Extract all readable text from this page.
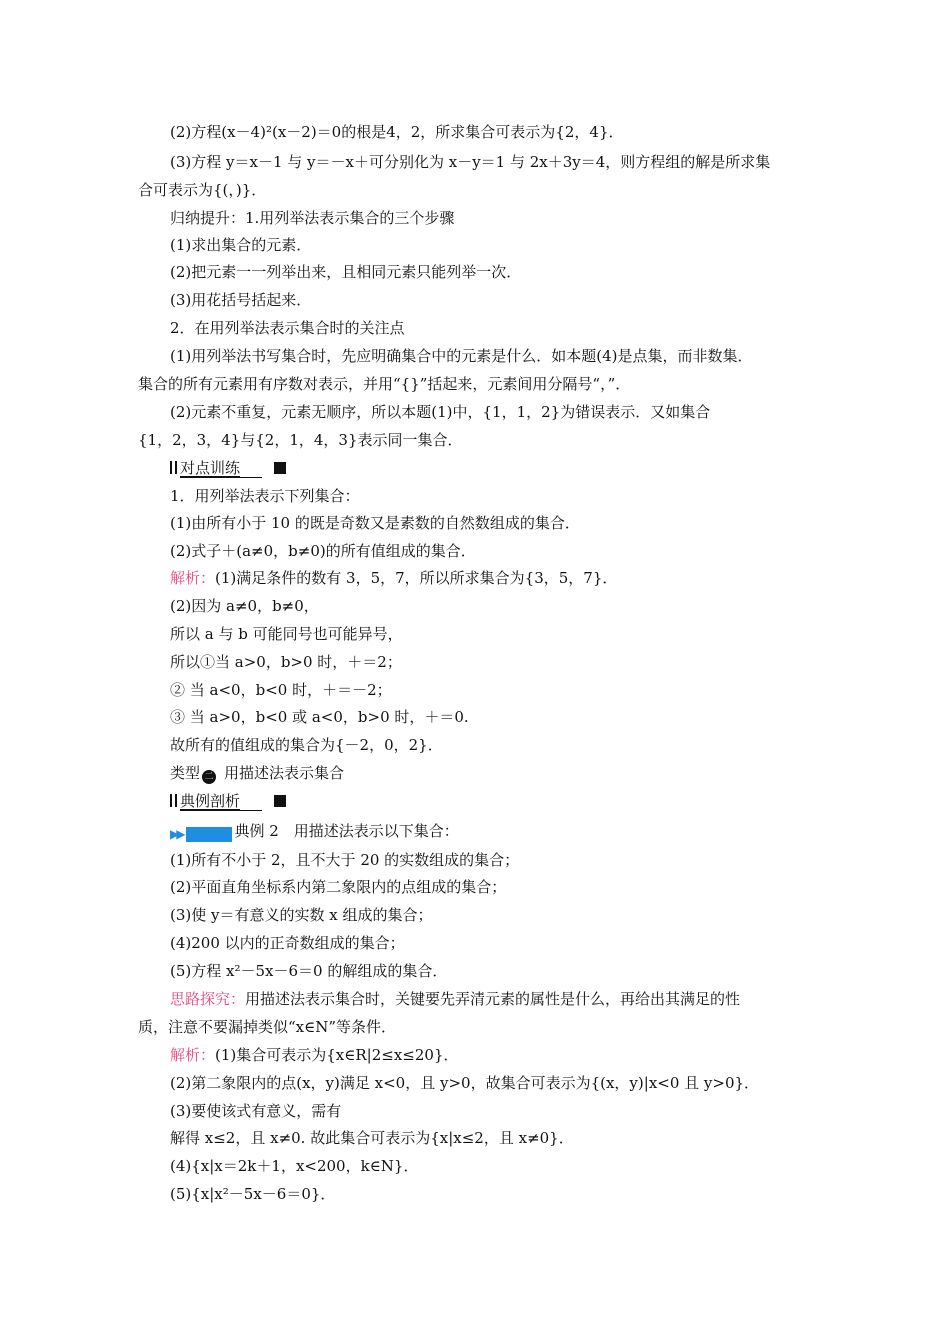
(2)方程(x－4)²(x－2)＝0的根是4，2，所求集合可表示为{2，4}．
(3)方程 y＝x－1 与 y＝－x＋可分别化为 x－y＝1 与 2x＋3y＝4，则方程组的解是所求集
合可表示为{(，)}．
归纳提升：1.用列举法表示集合的三个步骤
(1)求出集合的元素．
(2)把元素一一列举出来，且相同元素只能列举一次．
(3)用花括号括起来．
2．在用列举法表示集合时的关注点
(1)用列举法书写集合时，先应明确集合中的元素是什么．如本题(4)是点集，而非数集．
集合的所有元素用有序数对表示，并用“{}”括起来，元素间用分隔号“，”．
(2)元素不重复，元素无顺序，所以本题(1)中，{1，1，2}为错误表示．又如集合
{1，2，3，4}与{2，1，4，3}表示同一集合．
对点训练
1．用列举法表示下列集合：
(1)由所有小于 10 的既是奇数又是素数的自然数组成的集合．
(2)式子＋(a≠0，b≠0)的所有值组成的集合．
解析：(1)满足条件的数有 3，5，7，所以所求集合为{3，5，7}．
(2)因为 a≠0，b≠0，
所以 a 与 b 可能同号也可能异号，
所以①当 a>0，b>0 时，＋＝2；
② 当 a<0，b<0 时，＋＝－2；
③ 当 a>0，b<0 或 a<0，b>0 时，＋＝0.
故所有的值组成的集合为{－2，0，2}．
类型 二 用描述法表示集合
典例剖析
▶▶	典例 2　用描述法表示以下集合：
(1)所有不小于 2，且不大于 20 的实数组成的集合；
(2)平面直角坐标系内第二象限内的点组成的集合；
(3)使 y＝有意义的实数 x 组成的集合；
(4)200 以内的正奇数组成的集合；
(5)方程 x²－5x－6＝0 的解组成的集合．
思路探究：用描述法表示集合时，关键要先弄清元素的属性是什么，再给出其满足的性
质，注意不要漏掉类似“x∈N”等条件．
解析：(1)集合可表示为{x∈R|2≤x≤20}．
(2)第二象限内的点(x，y)满足 x<0，且 y>0，故集合可表示为{(x，y)|x<0 且 y>0}．
(3)要使该式有意义，需有
解得 x≤2，且 x≠0. 故此集合可表示为{x|x≤2，且 x≠0}．
(4){x|x＝2k＋1，x<200，k∈N}．
(5){x|x²－5x－6＝0}．
